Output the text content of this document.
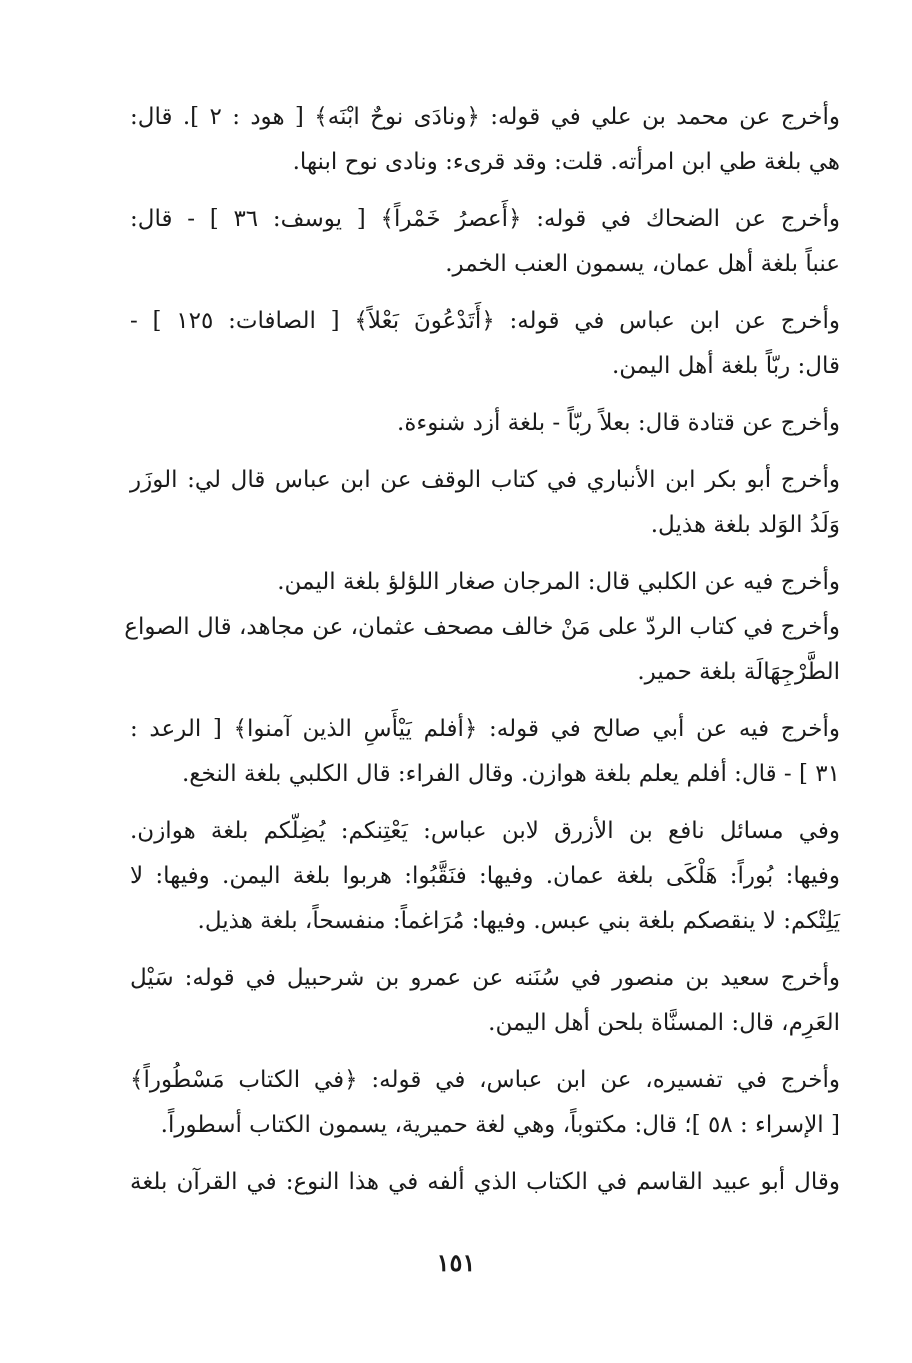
وأخرج عن محمد بن علي في قوله: ﴿ونادَى نوحٌ ابْنَه﴾ [ هود : ٢ ]. قال:
هي بلغة طي ابن امرأته. قلت: وقد قرىء: ونادى نوح ابنها.

وأخرج عن الضحاك في قوله: ﴿أَعصرُ خَمْراً﴾ [ يوسف: ٣٦ ] - قال:
عنباً بلغة أهل عمان، يسمون العنب الخمر.

وأخرج عن ابن عباس في قوله: ﴿أَتَدْعُونَ بَعْلاً﴾ [ الصافات: ١٢٥ ] -
قال: ربّاً بلغة أهل اليمن.

وأخرج عن قتادة قال: بعلاً ربّاً - بلغة أزد شنوءة.

وأخرج أبو بكر ابن الأنباري في كتاب الوقف عن ابن عباس قال لي: الوزَر
وَلَدُ الوَلد بلغة هذيل.

وأخرج فيه عن الكلبي قال: المرجان صغار اللؤلؤ بلغة اليمن.
وأخرج في كتاب الردّ على مَنْ خالف مصحف عثمان، عن مجاهد، قال الصواع
الطَّرْجِهَالَة بلغة حمير.

وأخرج فيه عن أبي صالح في قوله: ﴿أفلم يَيْأَسِ الذين آمنوا﴾ [ الرعد :
٣١ ] - قال: أفلم يعلم بلغة هوازن. وقال الفراء: قال الكلبي بلغة النخع.

وفي مسائل نافع بن الأزرق لابن عباس: يَعْتِنكم: يُضِلّكم بلغة هوازن.
وفيها: بُوراً: هَلْكَى بلغة عمان. وفيها: فنَقَّبُوا: هربوا بلغة اليمن. وفيها: لا
يَلِتْكم: لا ينقصكم بلغة بني عبس. وفيها: مُرَاغماً: منفسحاً، بلغة هذيل.

وأخرج سعيد بن منصور في سُنَنه عن عمرو بن شرحبيل في قوله: سَيْل
العَرِم، قال: المسنَّاة بلحن أهل اليمن.

وأخرج في تفسيره، عن ابن عباس، في قوله: ﴿في الكتاب مَسْطُوراً﴾
[ الإسراء : ٥٨ ]؛ قال: مكتوباً، وهي لغة حميرية، يسمون الكتاب أسطوراً.

وقال أبو عبيد القاسم في الكتاب الذي ألفه في هذا النوع: في القرآن بلغة

١٥١
